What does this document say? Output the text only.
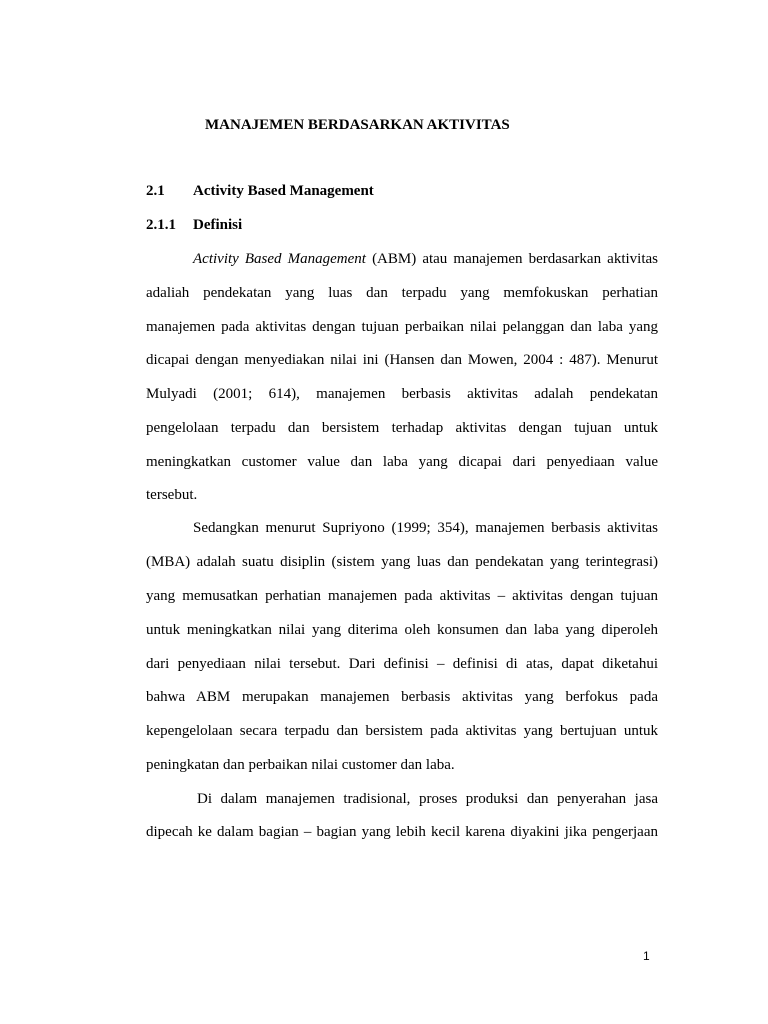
MANAJEMEN BERDASARKAN AKTIVITAS
2.1 Activity Based Management
2.1.1 Definisi

Activity Based Management (ABM) atau manajemen berdasarkan aktivitas

adaliah pendekatan yang luas dan terpadu yang memfokuskan perhatian

manajemen pada aktivitas dengan tujuan perbaikan nilai pelanggan dan laba yang

dicapai dengan menyediakan nilai ini (Hansen dan Mowen, 2004 : 487). Menurut

Mulyadi (2001; 614), manajemen berbasis aktivitas adalah pendekatan

pengelolaan terpadu dan bersistem terhadap aktivitas dengan tujuan untuk

meningkatkan customer value dan laba yang dicapai dari penyediaan value

tersebut.

Sedangkan menurut Supriyono (1999; 354), manajemen berbasis aktivitas

(MBA) adalah suatu disiplin (sistem yang luas dan pendekatan yang terintegrasi)

yang memusatkan perhatian manajemen pada aktivitas – aktivitas dengan tujuan

untuk meningkatkan nilai yang diterima oleh konsumen dan laba yang diperoleh

dari penyediaan nilai tersebut. Dari definisi – definisi di atas, dapat diketahui

bahwa ABM merupakan manajemen berbasis aktivitas yang berfokus pada

kepengelolaan secara terpadu dan bersistem pada aktivitas yang bertujuan untuk

peningkatan dan perbaikan nilai customer dan laba.

Di dalam manajemen tradisional, proses produksi dan penyerahan jasa

dipecah ke dalam bagian – bagian yang lebih kecil karena diyakini jika pengerjaan

1
